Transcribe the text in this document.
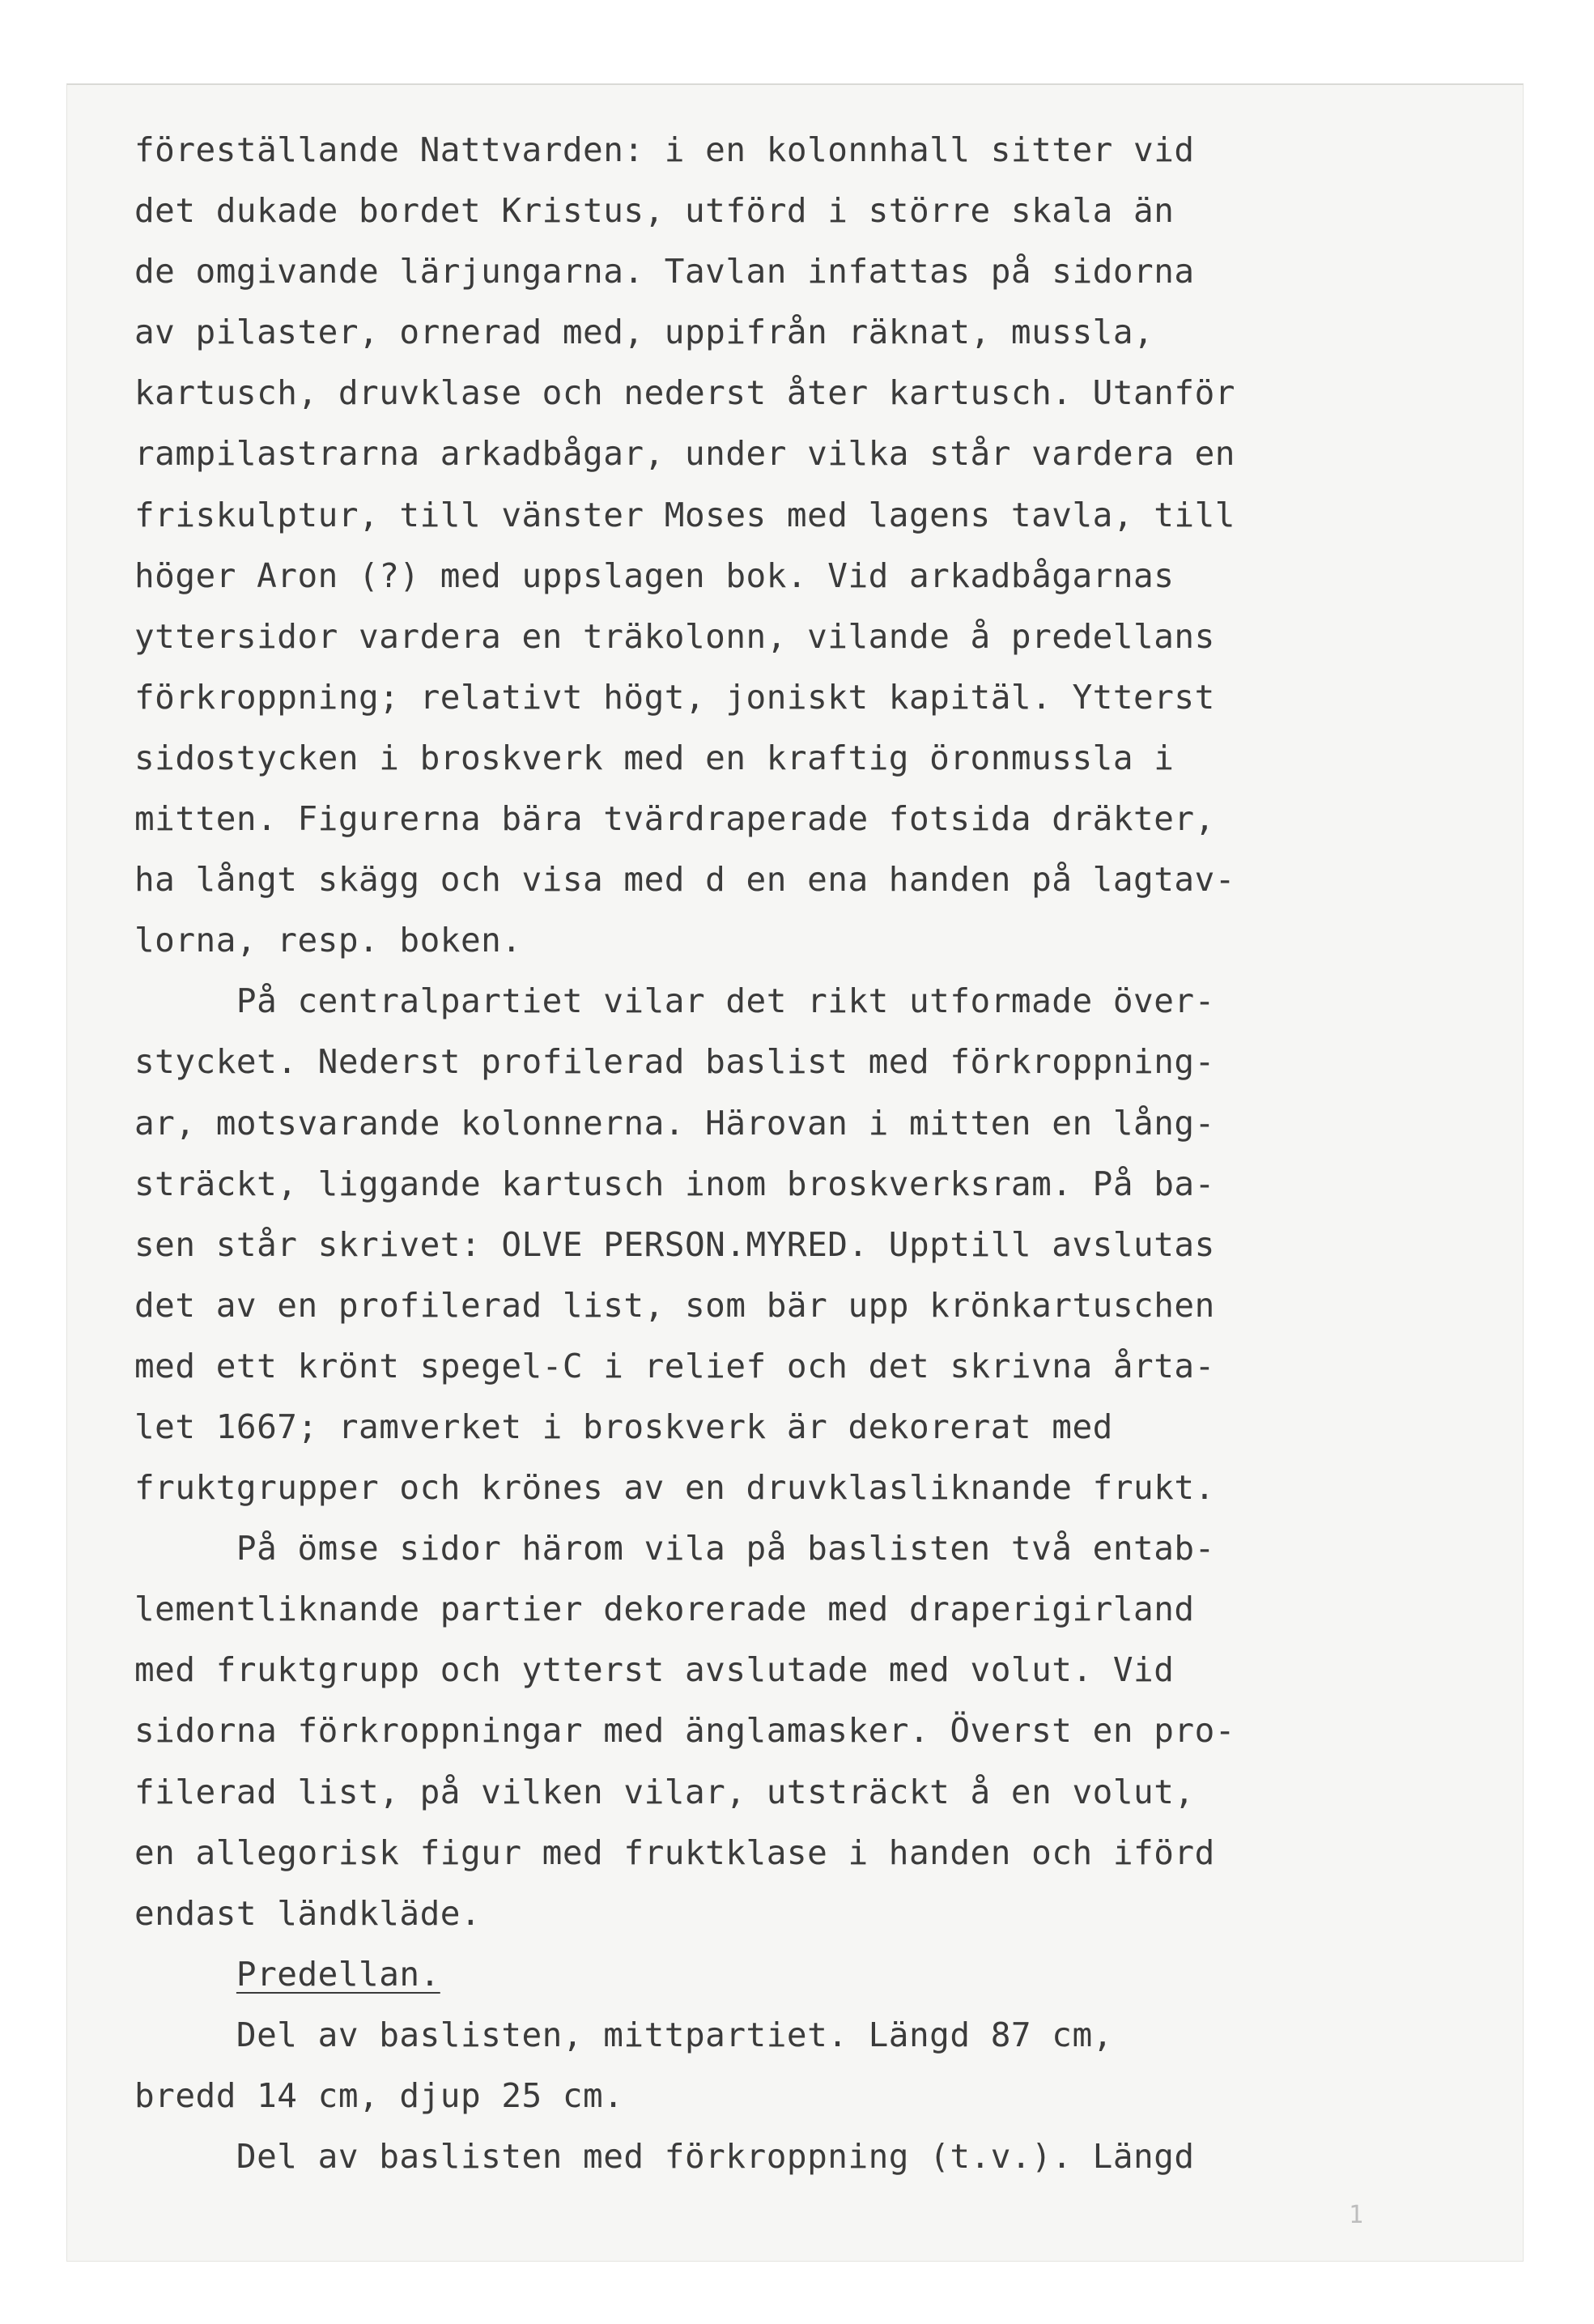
föreställande Nattvarden: i en kolonnhall sitter vid
det dukade bordet Kristus, utförd i större skala än
de omgivande lärjungarna. Tavlan infattas på sidorna
av pilaster, ornerad med, uppifrån räknat, mussla,
kartusch, druvklase och nederst åter kartusch. Utanför
rampilastrarna arkadbågar, under vilka står vardera en
friskulptur, till vänster Moses med lagens tavla, till
höger Aron (?) med uppslagen bok. Vid arkadbågarnas
yttersidor vardera en träkolonn, vilande å predellans
förkroppning; relativt högt, joniskt kapitäl. Ytterst
sidostycken i broskverk med en kraftig öronmussla i
mitten. Figurerna bära tvärdraperade fotsida dräkter,
ha långt skägg och visa med d en ena handen på lagtav-
lorna, resp. boken.
På centralpartiet vilar det rikt utformade över-
stycket. Nederst profilerad baslist med förkroppning-
ar, motsvarande kolonnerna. Härovan i mitten en lång-
sträckt, liggande kartusch inom broskverksram. På ba-
sen står skrivet: OLVE PERSON.MYRED. Upptill avslutas
det av en profilerad list, som bär upp krönkartuschen
med ett krönt spegel-C i relief och det skrivna årta-
let 1667; ramverket i broskverk är dekorerat med
fruktgrupper och krönes av en druvklasliknande frukt.
På ömse sidor härom vila på baslisten två entab-
lementliknande partier dekorerade med draperigirland
med fruktgrupp och ytterst avslutade med volut. Vid
sidorna förkroppningar med änglamasker. Överst en pro-
filerad list, på vilken vilar, utsträckt å en volut,
en allegorisk figur med fruktklase i handen och iförd
endast ländkläde.
Predellan.
Del av baslisten, mittpartiet. Längd 87 cm,
bredd 14 cm, djup 25 cm.
Del av baslisten med förkroppning (t.v.). Längd
1
